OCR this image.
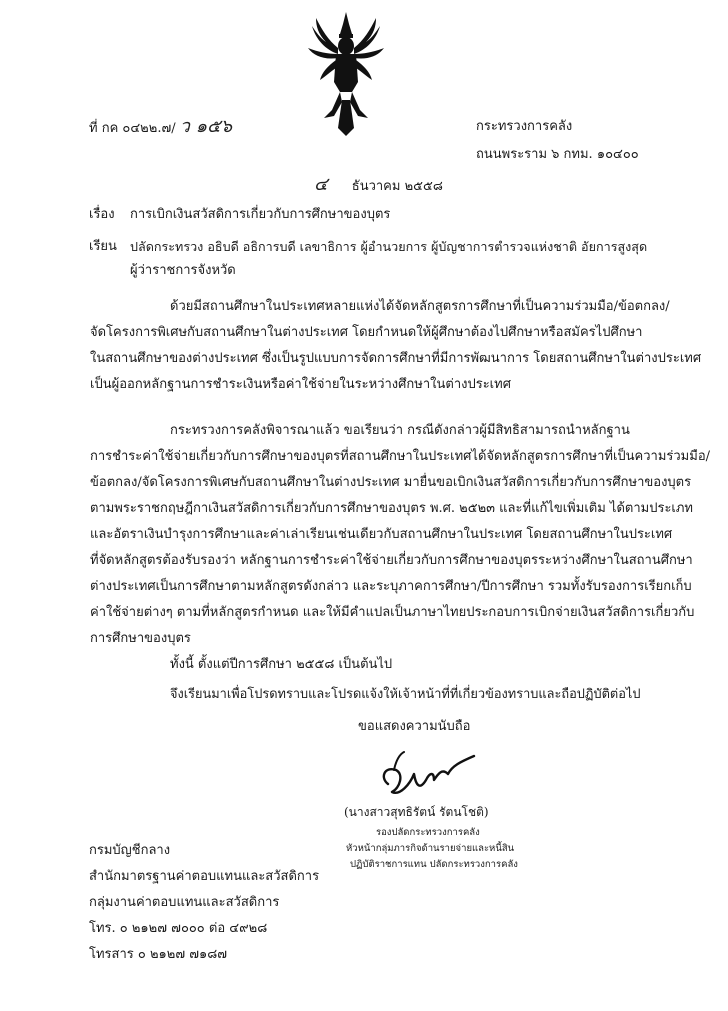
ที่ กค ๐๔๒๒.๗/ ว ๑๕๖	กระทรวงการคลัง
ถนนพระราม ๖ กทม. ๑๐๔๐๐
๔ ธันวาคม ๒๕๕๘
เรื่อง การเบิกเงินสวัสดิการเกี่ยวกับการศึกษาของบุตร
เรียน ปลัดกระทรวง อธิบดี อธิการบดี เลขาธิการ ผู้อำนวยการ ผู้บัญชาการตำรวจแห่งชาติ อัยการสูงสุด
ผู้ว่าราชการจังหวัด
ด้วยมีสถานศึกษาในประเทศหลายแห่งได้จัดหลักสูตรการศึกษาที่เป็นความร่วมมือ/ข้อตกลง/
จัดโครงการพิเศษกับสถานศึกษาในต่างประเทศ โดยกำหนดให้ผู้ศึกษาต้องไปศึกษาหรือสมัครไปศึกษา
ในสถานศึกษาของต่างประเทศ ซึ่งเป็นรูปแบบการจัดการศึกษาที่มีการพัฒนาการ โดยสถานศึกษาในต่างประเทศ
เป็นผู้ออกหลักฐานการชำระเงินหรือค่าใช้จ่ายในระหว่างศึกษาในต่างประเทศ
กระทรวงการคลังพิจารณาแล้ว ขอเรียนว่า กรณีดังกล่าวผู้มีสิทธิสามารถนำหลักฐาน
การชำระค่าใช้จ่ายเกี่ยวกับการศึกษาของบุตรที่สถานศึกษาในประเทศได้จัดหลักสูตรการศึกษาที่เป็นความร่วมมือ/
ข้อตกลง/จัดโครงการพิเศษกับสถานศึกษาในต่างประเทศ มายื่นขอเบิกเงินสวัสดิการเกี่ยวกับการศึกษาของบุตร
ตามพระราชกฤษฎีกาเงินสวัสดิการเกี่ยวกับการศึกษาของบุตร พ.ศ. ๒๕๒๓ และที่แก้ไขเพิ่มเติม ได้ตามประเภท
และอัตราเงินบำรุงการศึกษาและค่าเล่าเรียนเช่นเดียวกับสถานศึกษาในประเทศ โดยสถานศึกษาในประเทศ
ที่จัดหลักสูตรต้องรับรองว่า หลักฐานการชำระค่าใช้จ่ายเกี่ยวกับการศึกษาของบุตรระหว่างศึกษาในสถานศึกษา
ต่างประเทศเป็นการศึกษาตามหลักสูตรดังกล่าว และระบุภาคการศึกษา/ปีการศึกษา รวมทั้งรับรองการเรียกเก็บ
ค่าใช้จ่ายต่างๆ ตามที่หลักสูตรกำหนด และให้มีคำแปลเป็นภาษาไทยประกอบการเบิกจ่ายเงินสวัสดิการเกี่ยวกับ
การศึกษาของบุตร
ทั้งนี้ ตั้งแต่ปีการศึกษา ๒๕๕๘ เป็นต้นไป
จึงเรียนมาเพื่อโปรดทราบและโปรดแจ้งให้เจ้าหน้าที่ที่เกี่ยวข้องทราบและถือปฏิบัติต่อไป
ขอแสดงความนับถือ
(นางสาวสุทธิรัตน์ รัตนโชติ)
รองปลัดกระทรวงการคลัง
หัวหน้ากลุ่มภารกิจด้านรายจ่ายและหนี้สิน
ปฏิบัติราชการแทน ปลัดกระทรวงการคลัง
กรมบัญชีกลาง
สำนักมาตรฐานค่าตอบแทนและสวัสดิการ
กลุ่มงานค่าตอบแทนและสวัสดิการ
โทร. ๐ ๒๑๒๗ ๗๐๐๐ ต่อ ๔๙๒๘
โทรสาร ๐ ๒๑๒๗ ๗๑๘๗
